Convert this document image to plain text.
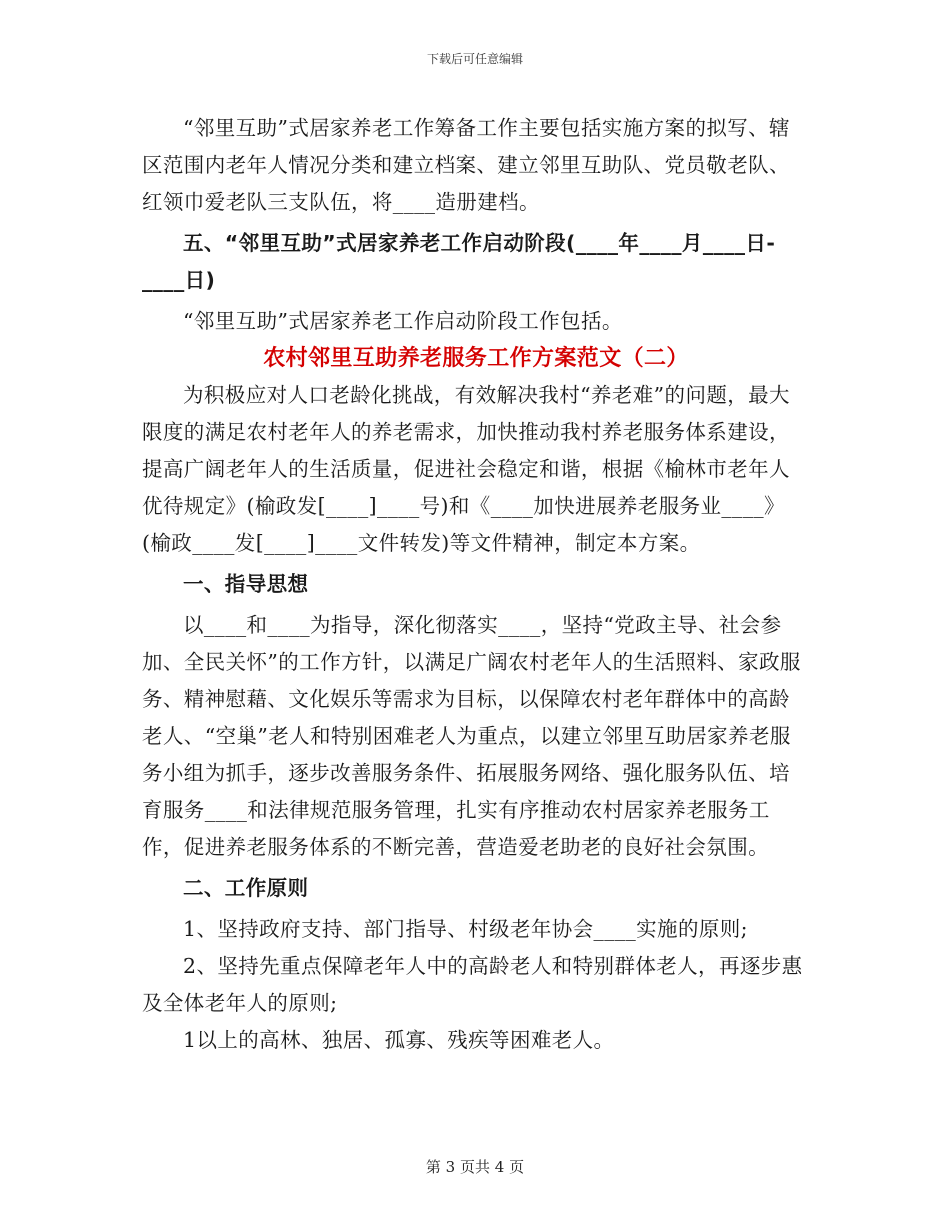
下载后可任意编辑

“邻里互助”式居家养老工作筹备工作主要包括实施方案的拟写、辖区范围内老年人情况分类和建立档案、建立邻里互助队、党员敬老队、红领巾爱老队三支队伍，将____造册建档。

五、“邻里互助”式居家养老工作启动阶段(____年____月____日-____日)

“邻里互助”式居家养老工作启动阶段工作包括。

农村邻里互助养老服务工作方案范文（二）

为积极应对人口老龄化挑战，有效解决我村“养老难”的问题，最大限度的满足农村老年人的养老需求，加快推动我村养老服务体系建设，提高广阔老年人的生活质量，促进社会稳定和谐，根据《榆林市老年人优待规定》(榆政发[____]____号)和《____加快进展养老服务业____》(榆政____发[____]____文件转发)等文件精神，制定本方案。

一、指导思想

以____和____为指导，深化彻落实____，坚持“党政主导、社会参加、全民关怀”的工作方针，以满足广阔农村老年人的生活照料、家政服务、精神慰藉、文化娱乐等需求为目标，以保障农村老年群体中的高龄老人、“空巢”老人和特别困难老人为重点，以建立邻里互助居家养老服务小组为抓手，逐步改善服务条件、拓展服务网络、强化服务队伍、培育服务____和法律规范服务管理，扎实有序推动农村居家养老服务工作，促进养老服务体系的不断完善，营造爱老助老的良好社会氛围。

二、工作原则

1、坚持政府支持、部门指导、村级老年协会____实施的原则;

2、坚持先重点保障老年人中的高龄老人和特别群体老人，再逐步惠及全体老年人的原则;

1以上的高林、独居、孤寡、残疾等困难老人。

第 3 页共 4 页
